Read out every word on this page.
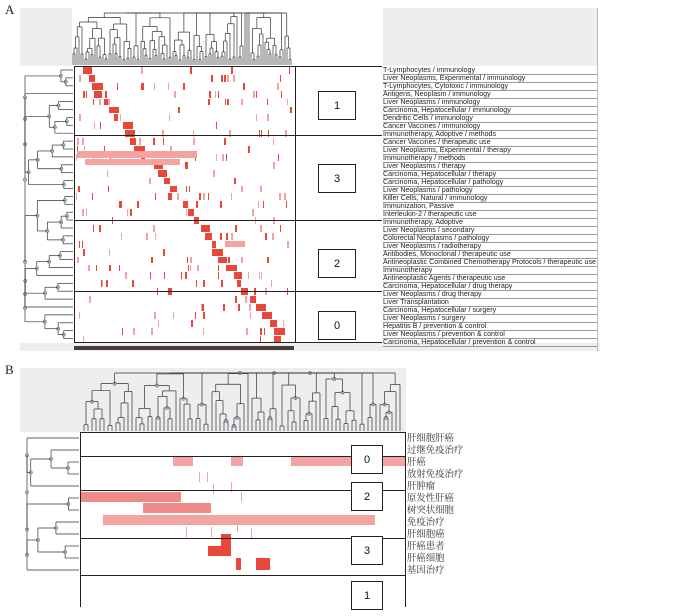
A
1
3
2
0
T-Lymphocytes / immunology
Liver Neoplasms, Experimental / immunology
T-Lymphocytes, Cytotoxic / immunology
Antigens, Neoplasm / immunology
Liver Neoplasms / immunology
Carcinoma, Hepatocellular / immunology
Dendritic Cells / immunology
Cancer Vaccines / immunology
Immunotherapy, Adoptive / methods
Cancer Vaccines / therapeutic use
Liver Neoplasms, Experimental / therapy
Immunotherapy / methods
Liver Neoplasms / therapy
Carcinoma, Hepatocellular / therapy
Carcinoma, Hepatocellular / pathology
Liver Neoplasms / pathology
Killer Cells, Natural / immunology
Immunization, Passive
Interleukin-2 / therapeutic use
Immunotherapy, Adoptive
Liver Neoplasms / secondary
Colorectal Neoplasms / pathology
Liver Neoplasms / radiotherapy
Antibodies, Monoclonal / therapeutic use
Antineoplastic Combined Chemotherapy Protocols / therapeutic use
Immunotherapy
Antineoplastic Agents / therapeutic use
Carcinoma, Hepatocellular / drug therapy
Liver Neoplasms / drug therapy
Liver Transplantation
Carcinoma, Hepatocellular / surgery
Liver Neoplasms / surgery
Hepatitis B / prevention & control
Liver Neoplasms / prevention & control
Carcinoma, Hepatocellular / prevention & control
B
0
2
3
1
肝细胞肝癌
过继免疫治疗
肝癌
放射免疫治疗
肝肿瘤
原发性肝癌
树突状细胞
免疫治疗
肝细胞癌
肝癌患者
肝癌细胞
基因治疗
